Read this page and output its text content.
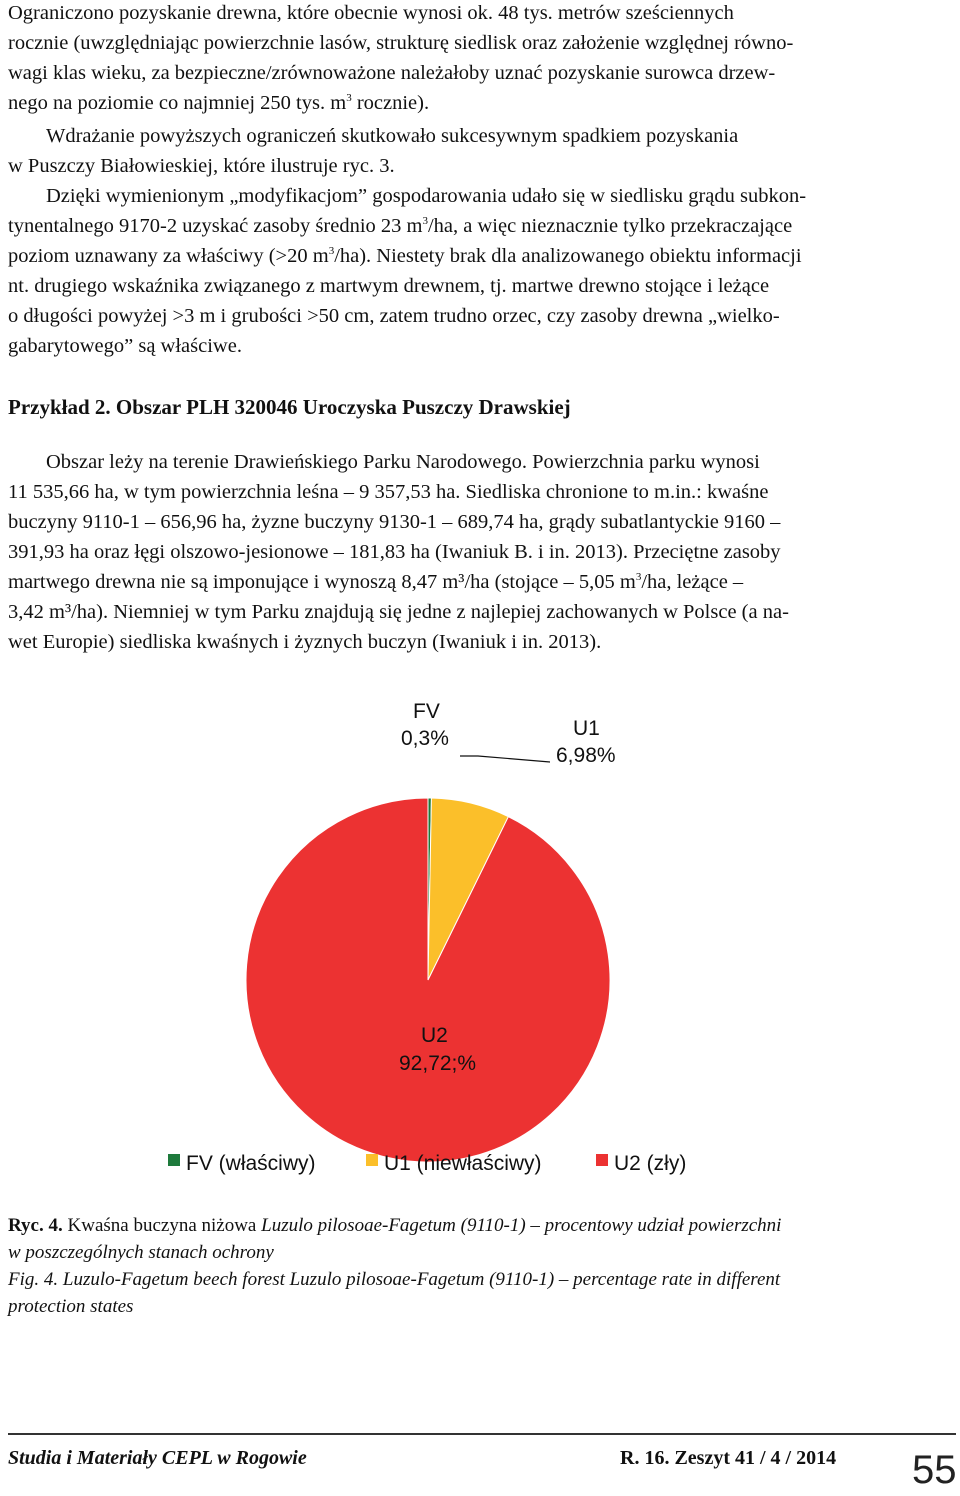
Ograniczono pozyskanie drewna, które obecnie wynosi ok. 48 tys. metrów sześciennych

rocznie (uwzględniając powierzchnie lasów, strukturę siedlisk oraz założenie względnej równo-

wagi klas wieku, za bezpieczne/zrównoważone należałoby uznać pozyskanie surowca drzew-

nego na poziomie co najmniej 250 tys. $m^3$ rocznie).

Wdrażanie powyższych ograniczeń skutkowało sukcesywnym spadkiem pozyskania

w Puszczy Białowieskiej, które ilustruje ryc. 3.

Dzięki wymienionym „modyfikacjom” gospodarowania udało się w siedlisku grądu subkon-

tynentalnego 9170-2 uzyskać zasoby średnio 23 $m^3/ha$, a więc nieznacznie tylko przekraczające

poziom uznawany za właściwy (>20 $m^3/ha$). Niestety brak dla analizowanego obiektu informacji

nt. drugiego wskaźnika związanego z martwym drewnem, tj. martwe drewno stojące i leżące

o długości powyżej >3 m i grubości >50 cm, zatem trudno orzec, czy zasoby drewna „wielko-

gabarytowego” są właściwe.

Przykład 2. Obszar PLH 320046 Uroczyska Puszczy Drawskiej

Obszar leży na terenie Drawieńskiego Parku Narodowego. Powierzchnia parku wynosi

11 535,66 ha, w tym powierzchnia leśna – 9 357,53 ha. Siedliska chronione to m.in.: kwaśne

buczyny 9110-1 – 656,96 ha, żyzne buczyny 9130-1 – 689,74 ha, grądy subatlantyckie 9160 –

391,93 ha oraz łęgi olszowo-jesionowe – 181,83 ha (Iwaniuk B. i in. 2013). Przeciętne zasoby

martwego drewna nie są imponujące i wynoszą 8,47 m³/ha (stojące – 5,05 $m^3/ha$, leżące –

3,42 m³/ha). Niemniej w tym Parku znajdują się jedne z najlepiej zachowanych w Polsce (a na-

wet Europie) siedliska kwaśnych i żyznych buczyn (Iwaniuk i in. 2013).

FV
0,3%	U1
6,98%
U2
92,72;%
FV (właściwy)	U1 (niewłaściwy)	U2 (zły)

Ryc. 4. Kwaśna buczyna niżowa Luzulo pilosoae-Fagetum (9110-1) – procentowy udział powierzchni

w poszczególnych stanach ochrony

Fig. 4. Luzulo-Fagetum beech forest Luzulo pilosoae-Fagetum (9110-1) – percentage rate in different

protection states

Studia i Materiały CEPL w Rogowie	R. 16. Zeszyt 41 / 4 / 2014 55
